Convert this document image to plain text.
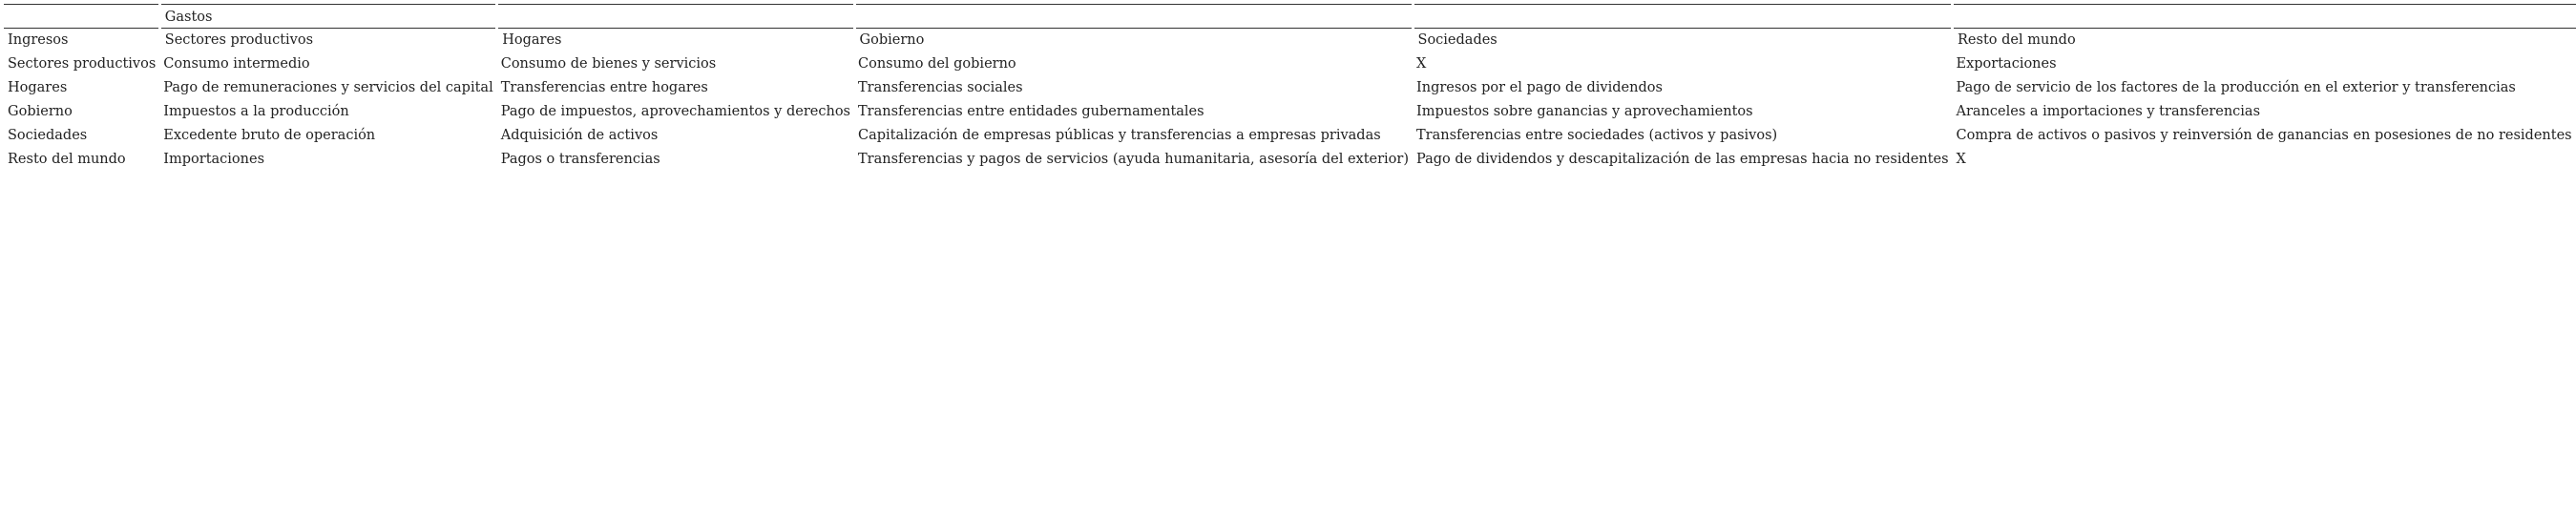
	Gastos				
Ingresos	Sectores productivos	Hogares	Gobierno	Sociedades	Resto del mundo
Sectores productivos	Consumo intermedio	Consumo de bienes y servicios	Consumo del gobierno	X	Exportaciones
Hogares	Pago de remuneraciones y servicios del capital	Transferencias entre hogares	Transferencias sociales	Ingresos por el pago de dividendos	Pago de servicio de los factores de la producción en el exterior y transferencias
Gobierno	Impuestos a la producción	Pago de impuestos, aprovechamientos y derechos	Transferencias entre entidades gubernamentales	Impuestos sobre ganancias y aprovechamientos	Aranceles a importaciones y transferencias
Sociedades	Excedente bruto de operación	Adquisición de activos	Capitalización de empresas públicas y transferencias a empresas privadas	Transferencias entre sociedades (activos y pasivos)	Compra de activos o pasivos y reinversión de ganancias en posesiones de no residentes
Resto del mundo	Importaciones	Pagos o transferencias	Transferencias y pagos de servicios (ayuda humanitaria, asesoría del exterior)	Pago de dividendos y descapitalización de las empresas hacia no residentes	X
